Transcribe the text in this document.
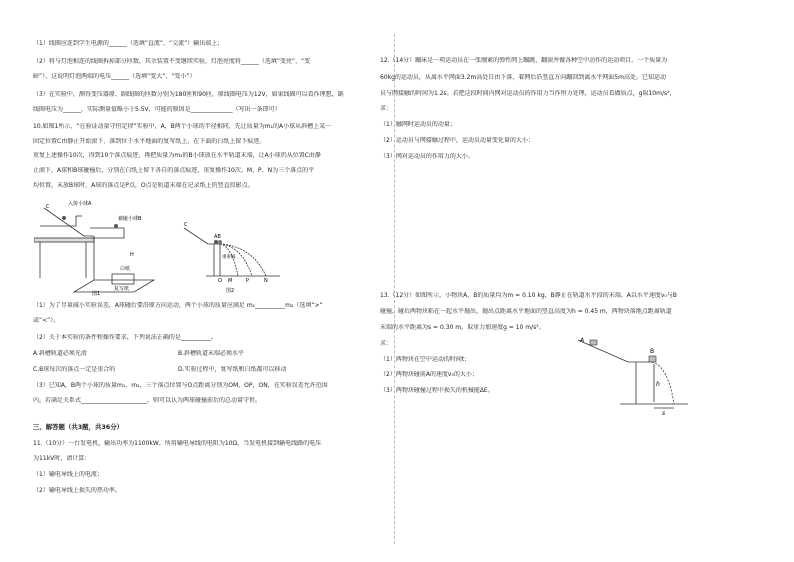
（1）线圈应连到学生电源的______（选填“直流”、“交流”）输出端上；
（2）将与灯泡相连的线圈拆掉部分匝数，其余装置不变继续实验，灯泡亮度将______（选填“变亮”、“变
暗”），这说明灯泡两端的电压______（选填“变大”、“变小”）
（3）在实验中，测得变压器原、副线圈的匝数分别为180匝和90匝，原线圈电压为12V，如果线圈可以看作理想，副
线圈电压为______，实际测量值略小于5.5V，可能的原因是______________（写出一条即可）
10.如图1所示，“在验证动量守恒定律”实验中，A，B两个小球的半径相同，先让质量为m₁的A小球从斜槽上某一
固定位置C由静止开始滚下，落到位于水平地面的复写纸上，在下面的白纸上留下痕迹。
重复上述操作10次，得到10个落点痕迹，再把质量为m₂的B小球放在水平轨道末端，让A小球仍从位置C由静
止滚下，A球和B球碰撞后，分别在白纸上留下各自的落点痕迹，重复操作10次。M、P、N为三个落点的平
均位置，未放B球时，A球的落点是P点，O点是轨道末端在记录纸上的竖直投影点。
C	入射小球A
被碰小球B
H
白纸
复写纸
图1
C
AB
重垂线
O M	P	N
图2
（1）为了尽量减小实验误差，A球碰后要沿原方向运动，两个小球的质量应满足 m₁__________m₂（选填“>”
或“<”）。
（2）关于本实验的条件和操作要求，下列说法正确的是__________。
A.斜槽轨道必须光滑	B.斜槽轨道末端必须水平
C.B球每次的落点一定是重合的	D.实验过程中，复写纸和白纸都可以移动
（3）已知A，B两个小球的质量m₁，m₂，三个落点位置与O点距离分别为OM，OP，ON，在实验误差允许范围
内，若满足关系式______________________，则可以认为两球碰撞前后的总动量守恒。
三、解答题（共3题，共36分）
11.（10分）一台发电机，输出功率为1100kW，所用输电导线的电阻为10Ω，当发电机接到输电线路的电压
为11kV时，请计算：
（1）输电导线上的电流；
（2）输电导线上损失的热功率。
12.（14分）蹦床是一项运动员在一张绷紧的弹性网上蹦跳、翻滚并做各种空中动作的运动项目。一个质量为
60kg的运动员，从离水平网面3.2m高处自由下落，着网后沿竖直方向蹦回到离水平网面5m高处。已知运动
员与网接触的时间为1.2s。若把这段时间内网对运动员的作用力当作恒力处理，运动员看做质点，g取10m/s²，
求：
（1）触网时运动员的动量；
（2）运动员与网接触过程中，运动员动量变化量的大小；
（3）网对运动员的作用力的大小。
13.（12分）如图所示，小物块A，B的质量均为m = 0.10 kg，B静止在轨道水平段的末端。A以水平速度v₀与B
碰撞，碰后两物块粘在一起水平抛出，抛出点距离水平地面的竖直高度为h = 0.45 m，两物块落地点距离轨道
末端的水平距离为s = 0.30 m，取重力加速度g = 10 m/s²。
求：
（1）两物块在空中运动的时间t；
（2）两物块碰前A的速度v₀的大小；
（3）两物块碰撞过程中损失的机械能ΔE。
A
B
h
s
